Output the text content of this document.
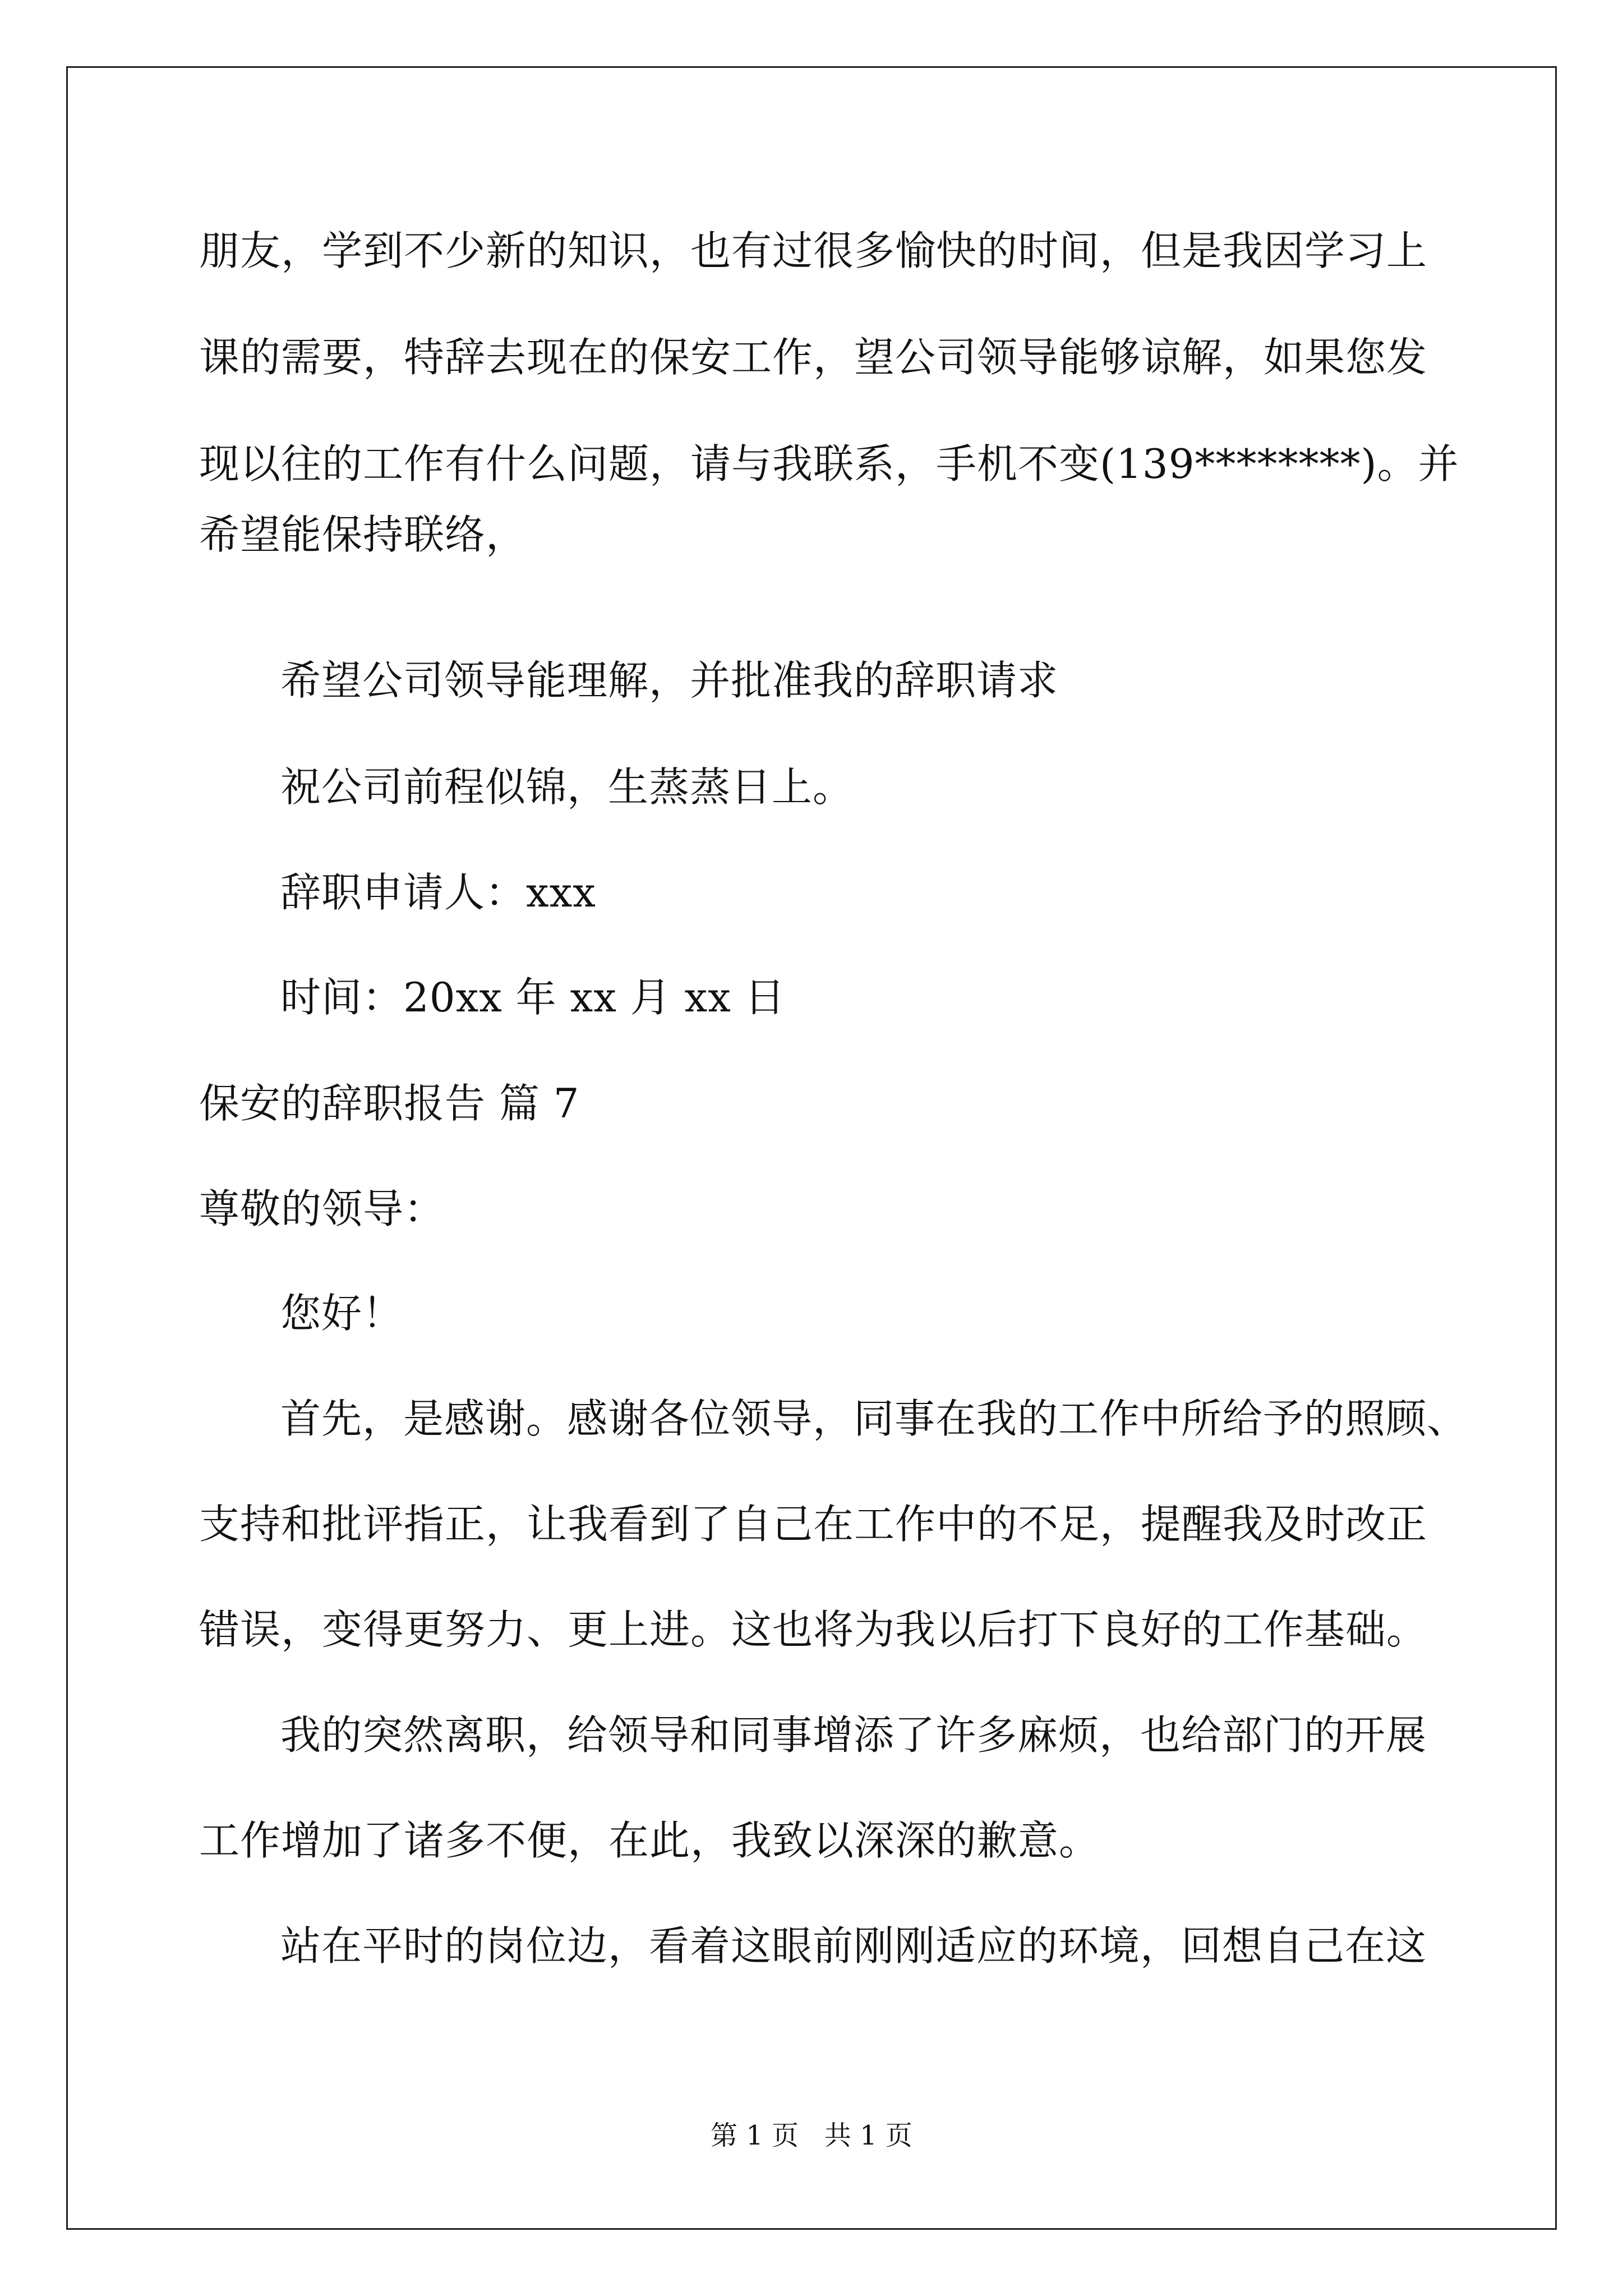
朋友，学到不少新的知识，也有过很多愉快的时间，但是我因学习上
课的需要，特辞去现在的保安工作，望公司领导能够谅解，如果您发
现以往的工作有什么问题，请与我联系，手机不变(139********)。并
希望能保持联络，
希望公司领导能理解，并批准我的辞职请求
祝公司前程似锦，生蒸蒸日上。
辞职申请人：xxx
时间：20xx 年 xx 月 xx 日
保安的辞职报告 篇 7
尊敬的领导：
您好！
首先，是感谢。感谢各位领导，同事在我的工作中所给予的照顾、
支持和批评指正，让我看到了自己在工作中的不足，提醒我及时改正
错误，变得更努力、更上进。这也将为我以后打下良好的工作基础。
我的突然离职，给领导和同事增添了许多麻烦，也给部门的开展
工作增加了诸多不便，在此，我致以深深的歉意。
站在平时的岗位边，看着这眼前刚刚适应的环境，回想自己在这
第 1 页   共 1 页
